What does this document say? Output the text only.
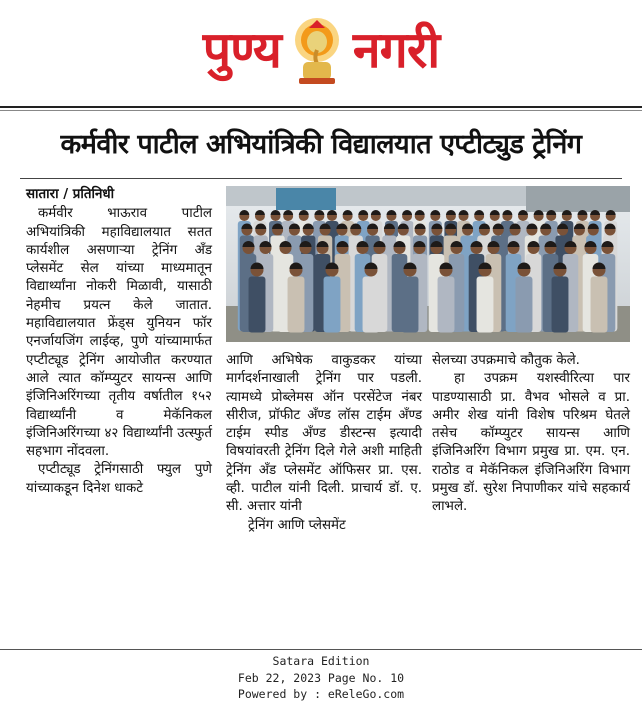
पुण्य नगरी
कर्मवीर पाटील अभियांत्रिकी विद्यालयात एप्टीट्युड ट्रेनिंग
सातारा / प्रतिनिधी

कर्मवीर भाऊराव पाटील अभियांत्रिकी महाविद्यालयात सतत कार्यशील असणाऱ्या ट्रेनिंग अँड प्लेसमेंट सेल यांच्या माध्यमातून विद्यार्थ्यांना नोकरी मिळावी, यासाठी नेहमीच प्रयत्न केले जातात. महाविद्यालयात फ्रेंड्स युनियन फॉर एनर्जायजिंग लाईव्ह, पुणे यांच्यामार्फत एप्टीट्यूड ट्रेनिंग आयोजीत करण्यात आले त्यात कॉम्प्युटर सायन्स आणि इंजिनिअरिंगच्या तृतीय वर्षातील १५२ विद्यार्थ्यांनी व मेकॅनिकल इंजिनिअरिंगच्या ४२ विद्यार्थ्यांनी उत्स्फुर्त सहभाग नोंदवला.

एप्टीट्यूड ट्रेनिंगसाठी फ्युल पुणे यांच्याकडून दिनेश धाकटे

आणि अभिषेक वाकुडकर यांच्या मार्गदर्शनाखाली ट्रेनिंग पार पडली. त्यामध्ये प्रोब्लेमस ऑन परसेंटेज नंबर सीरीज, प्रॉफीट अँण्ड लॉस टाईम अँण्ड टाईम स्पीड अँण्ड डीस्टन्स इत्यादी विषयांवरती ट्रेनिंग दिले गेले अशी माहिती ट्रेनिंग अँड प्लेसमेंट ऑफिसर प्रा. एस. व्ही. पाटील यांनी दिली. प्राचार्य डॉ. ए. सी. अत्तार यांनी

ट्रेनिंग आणि प्लेसमेंट

सेलच्या उपक्रमाचे कौतुक केले.

हा उपक्रम यशस्वीरित्या पार पाडण्यासाठी प्रा. वैभव भोसले व प्रा. अमीर शेख यांनी विशेष परिश्रम घेतले तसेच कॉम्प्युटर सायन्स आणि इंजिनिअरिंग विभाग प्रमुख प्रा. एम. एन. राठोड व मेकॅनिकल इंजिनिअरिंग विभाग प्रमुख डॉ. सुरेश निपाणीकर यांचे सहकार्य लाभले.

Satara Edition
Feb 22, 2023 Page No. 10
Powered by : eReleGo.com
